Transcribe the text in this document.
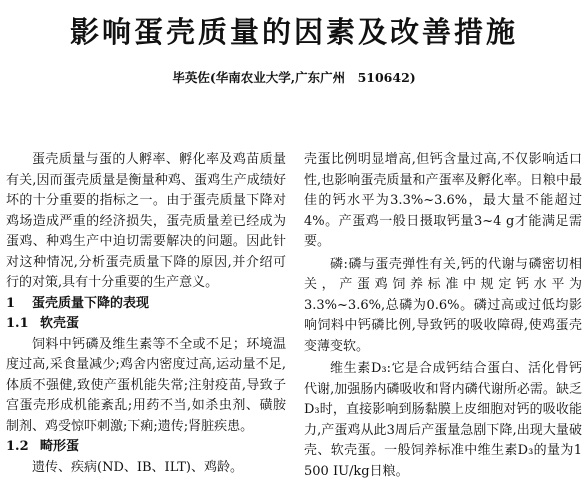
影响蛋壳质量的因素及改善措施
毕英佐(华南农业大学,广东广州　510642)

蛋壳质量与蛋的人孵率、孵化率及鸡苗质量有关,因而蛋壳质量是衡量种鸡、蛋鸡生产成绩好坏的十分重要的指标之一。由于蛋壳质量下降对鸡场造成严重的经济损失，蛋壳质量差已经成为蛋鸡、种鸡生产中迫切需要解决的问题。因此针对这种情况,分析蛋壳质量下降的原因,并介绍可行的对策,具有十分重要的生产意义。

1 蛋壳质量下降的表现
1.1 软壳蛋

饲料中钙磷及维生素等不全或不足；环境温度过高,采食量减少;鸡舍内密度过高,运动量不足,体质不强健,致使产蛋机能失常;注射疫苗,导致子宫蛋壳形成机能紊乱;用药不当,如杀虫剂、磺胺制剂、鸡受惊吓刺激;下痢;遗传;肾脏疾患。

1.2 畸形蛋

遗传、疾病(ND、IB、ILT)、鸡龄。

壳蛋比例明显增高,但钙含量过高,不仅影响适口性,也影响蛋壳质量和产蛋率及孵化率。日粮中最佳的钙水平为3.3%~3.6%，最大量不能超过4%。产蛋鸡一般日摄取钙量3~4 g才能满足需要。

磷:磷与蛋壳弹性有关,钙的代谢与磷密切相关，产蛋鸡饲养标准中规定钙水平为3.3%~3.6%,总磷为0.6%。磷过高或过低均影响饲料中钙磷比例,导致钙的吸收障碍,使鸡蛋壳变薄变软。

维生素D₃:它是合成钙结合蛋白、活化骨钙代谢,加强肠内磷吸收和肾内磷代谢所必需。缺乏D₃时，直接影响到肠黏膜上皮细胞对钙的吸收能力,产蛋鸡从此3周后产蛋量急剧下降,出现大量破壳、软壳蛋。一般饲养标准中维生素D₃的量为1 500 IU/kg日粮。
